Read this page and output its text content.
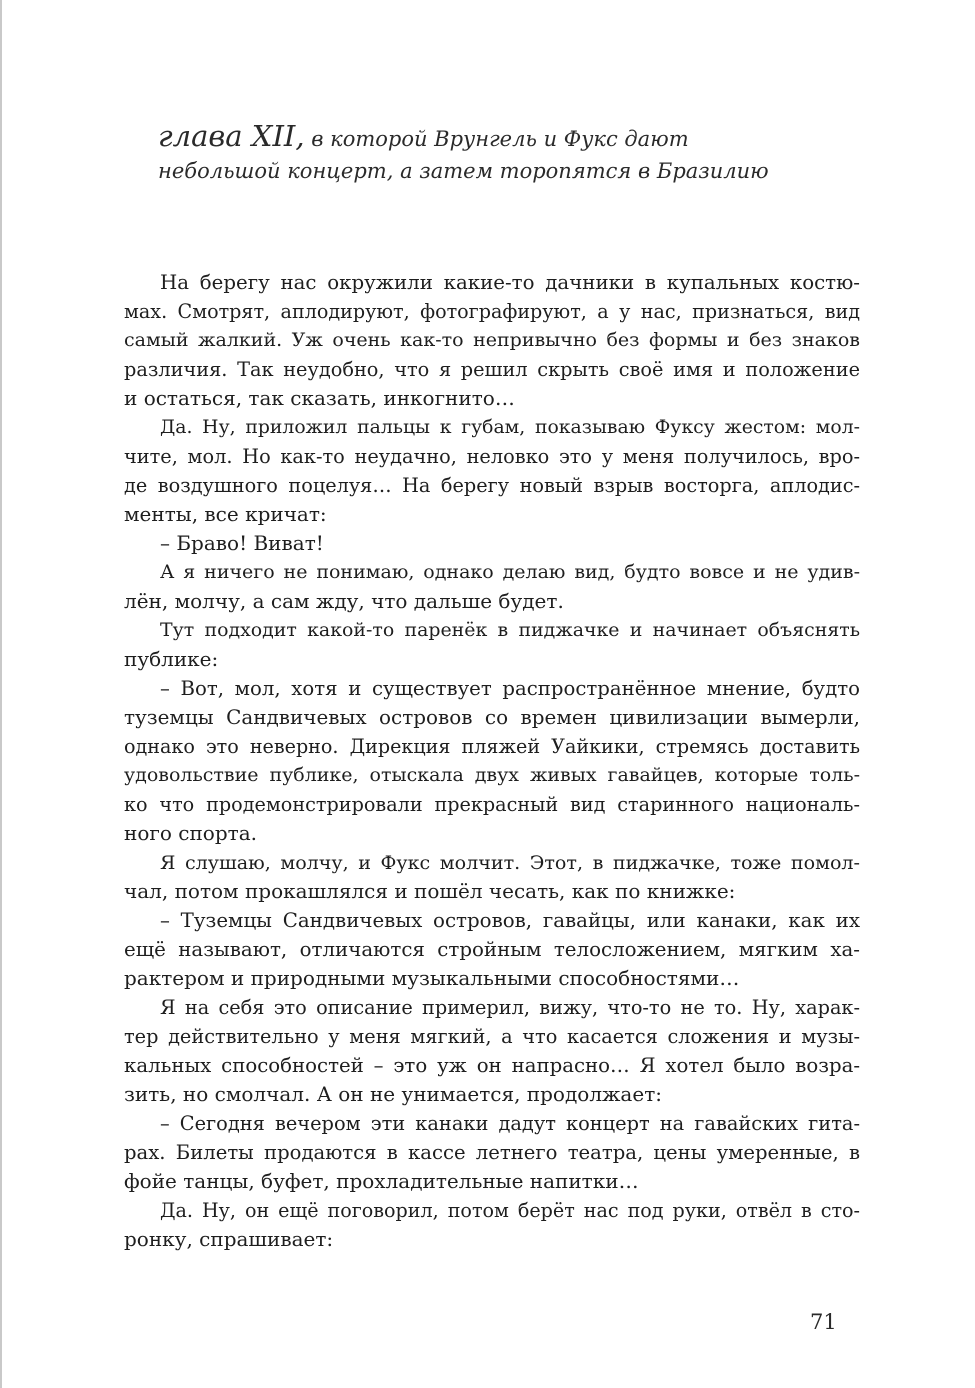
глава XII, в которой Врунгель и Фукс дают
небольшой концерт, а затем торопятся в Бразилию
На берегу нас окружили какие-то дачники в купальных костю-
мах. Смотрят, аплодируют, фотографируют, а у нас, признаться, вид
самый жалкий. Уж очень как-то непривычно без формы и без знаков
различия. Так неудобно, что я решил скрыть своё имя и положение
и остаться, так сказать, инкогнито…
Да. Ну, приложил пальцы к губам, показываю Фуксу жестом: мол-
чите, мол. Но как-то неудачно, неловко это у меня получилось, вро-
де воздушного поцелуя… На берегу новый взрыв восторга, аплодис-
менты, все кричат:
– Браво! Виват!
А я ничего не понимаю, однако делаю вид, будто вовсе и не удив-
лён, молчу, а сам жду, что дальше будет.
Тут подходит какой-то паренёк в пиджачке и начинает объяснять
публике:
– Вот, мол, хотя и существует распространённое мнение, будто
туземцы Сандвичевых островов со времен цивилизации вымерли,
однако это неверно. Дирекция пляжей Уайкики, стремясь доставить
удовольствие публике, отыскала двух живых гавайцев, которые толь-
ко что продемонстрировали прекрасный вид старинного националь-
ного спорта.
Я слушаю, молчу, и Фукс молчит. Этот, в пиджачке, тоже помол-
чал, потом прокашлялся и пошёл чесать, как по книжке:
– Туземцы Сандвичевых островов, гавайцы, или канаки, как их
ещё называют, отличаются стройным телосложением, мягким ха-
рактером и природными музыкальными способностями…
Я на себя это описание примерил, вижу, что-то не то. Ну, харак-
тер действительно у меня мягкий, а что касается сложения и музы-
кальных способностей – это уж он напрасно… Я хотел было возра-
зить, но смолчал. А он не унимается, продолжает:
– Сегодня вечером эти канаки дадут концерт на гавайских гита-
рах. Билеты продаются в кассе летнего театра, цены умеренные, в
фойе танцы, буфет, прохладительные напитки…
Да. Ну, он ещё поговорил, потом берёт нас под руки, отвёл в сто-
ронку, спрашивает:
71
